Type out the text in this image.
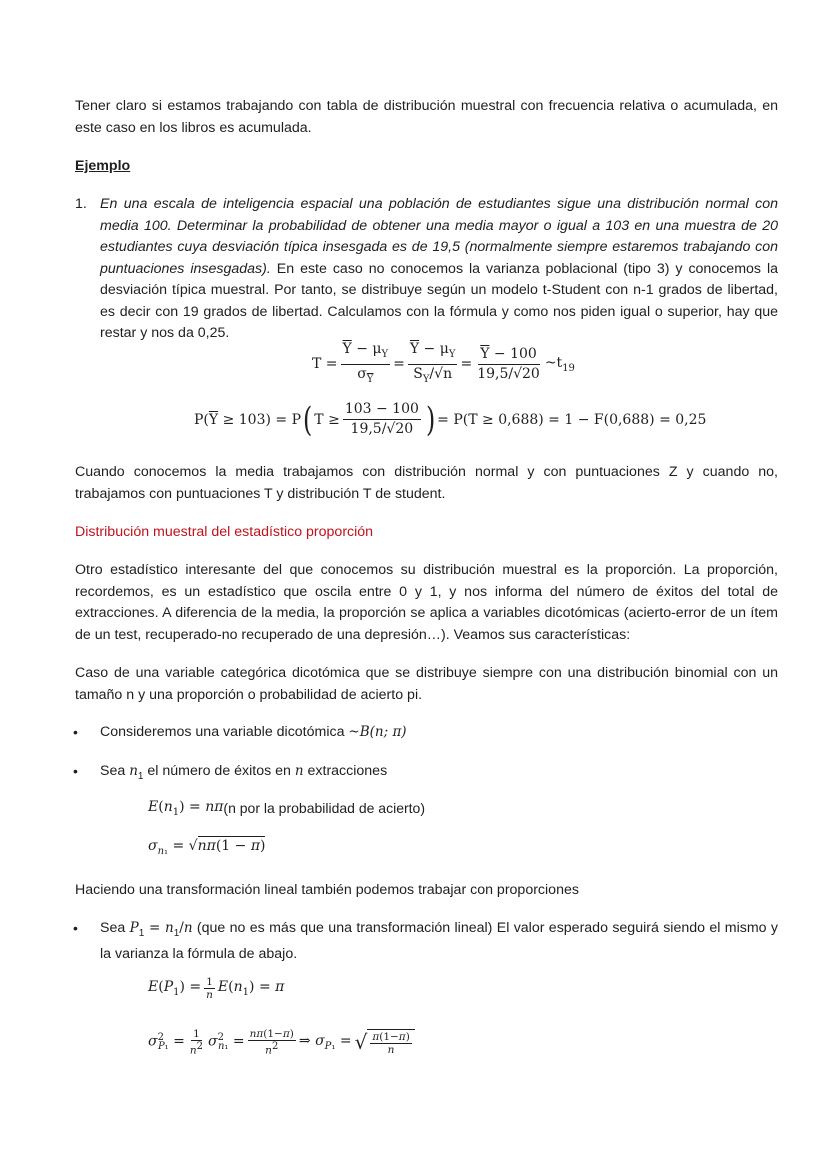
Tener claro si estamos trabajando con tabla de distribución muestral con frecuencia relativa o acumulada, en este caso en los libros es acumulada.

Ejemplo

1. En una escala de inteligencia espacial una población de estudiantes sigue una distribución normal con media 100. Determinar la probabilidad de obtener una media mayor o igual a 103 en una muestra de 20 estudiantes cuya desviación típica insesgada es de 19,5 (normalmente siempre estaremos trabajando con puntuaciones insesgadas). En este caso no conocemos la varianza poblacional (tipo 3) y conocemos la desviación típica muestral. Por tanto, se distribuye según un modelo t-Student con n-1 grados de libertad, es decir con 19 grados de libertad. Calculamos con la fórmula y como nos piden igual o superior, hay que restar y nos da 0,25.

$T = \frac{\overline{Y} - \mu_Y}{\sigma_{\overline{Y}}} = \frac{\overline{Y} - \mu_Y}{S_Y/√n} = \frac{\overline{Y} - 100}{19,5/√20}$ $\sim t_{19}$
$P(\overline{Y} \ge 103) = P$ ( $T \ge \frac{103 - 100}{19,5/√20}$ ) = P(T ≥ 0,688) = 1 − F(0,688) = 0,25

Cuando conocemos la media trabajamos con distribución normal y con puntuaciones Z y cuando no, trabajamos con puntuaciones T y distribución T de student.

Distribución muestral del estadístico proporción

Otro estadístico interesante del que conocemos su distribución muestral es la proporción. La proporción, recordemos, es un estadístico que oscila entre 0 y 1, y nos informa del número de éxitos del total de extracciones. A diferencia de la media, la proporción se aplica a variables dicotómicas (acierto-error de un ítem de un test, recuperado-no recuperado de una depresión…). Veamos sus características:

Caso de una variable categórica dicotómica que se distribuye siempre con una distribución binomial con un tamaño n y una proporción o probabilidad de acierto pi.

• Consideremos una variable dicotómica ~B(n; π)

• Sea $n_1$ el número de éxitos en n extracciones

$E(n_1) = n\pi$ (n por la probabilidad de acierto)
$\sigma_{n_1} = √n\pi(1 - \pi)$

Haciendo una transformación lineal también podemos trabajar con proporciones

• Sea $P_1 = n_1/n$ (que no es más que una transformación lineal) El valor esperado seguirá siendo el mismo y la varianza la fórmula de abajo.

$E(P_1) = \frac{1}{n} E(n_1) = \pi$
$\sigma^2_{P_1} = \frac{1}{n^2} \sigma^2_{n_1} = \frac{n\pi(1-\pi)}{n^2}$ ⇒ $\sigma_{P_1}$ = √ $\frac{\pi(1-\pi)}{n}$
